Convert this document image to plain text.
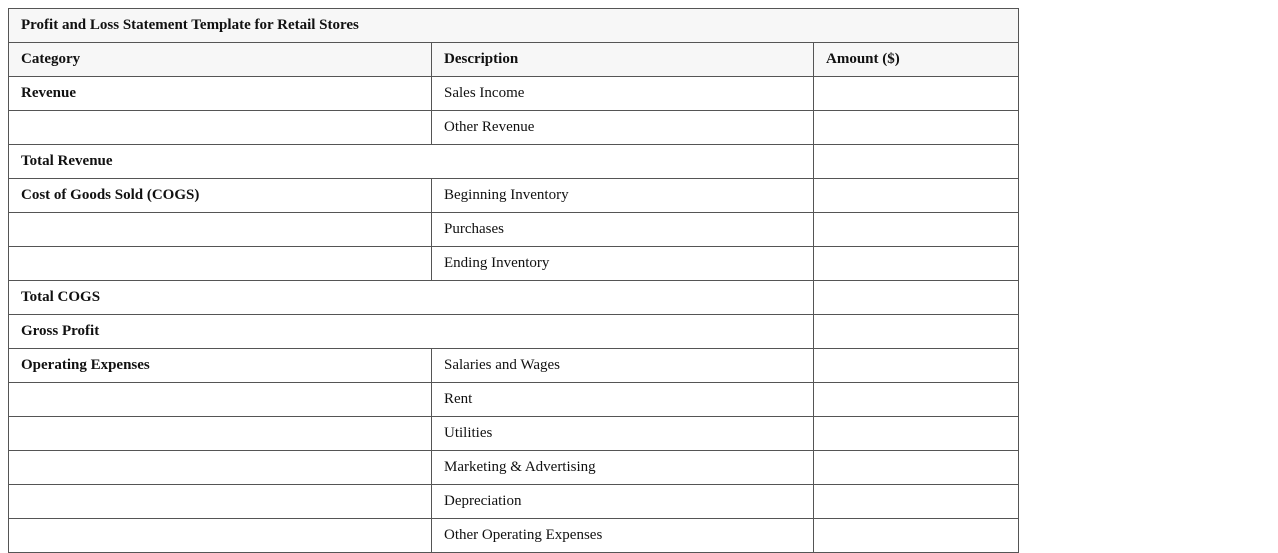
Profit and Loss Statement Template for Retail Stores		
Category	Description	Amount ($)
Revenue	Sales Income	
	Other Revenue	
Total Revenue		
Cost of Goods Sold (COGS)	Beginning Inventory	
	Purchases	
	Ending Inventory	
Total COGS		
Gross Profit		
Operating Expenses	Salaries and Wages	
	Rent	
	Utilities	
	Marketing & Advertising	
	Depreciation	
	Other Operating Expenses	
